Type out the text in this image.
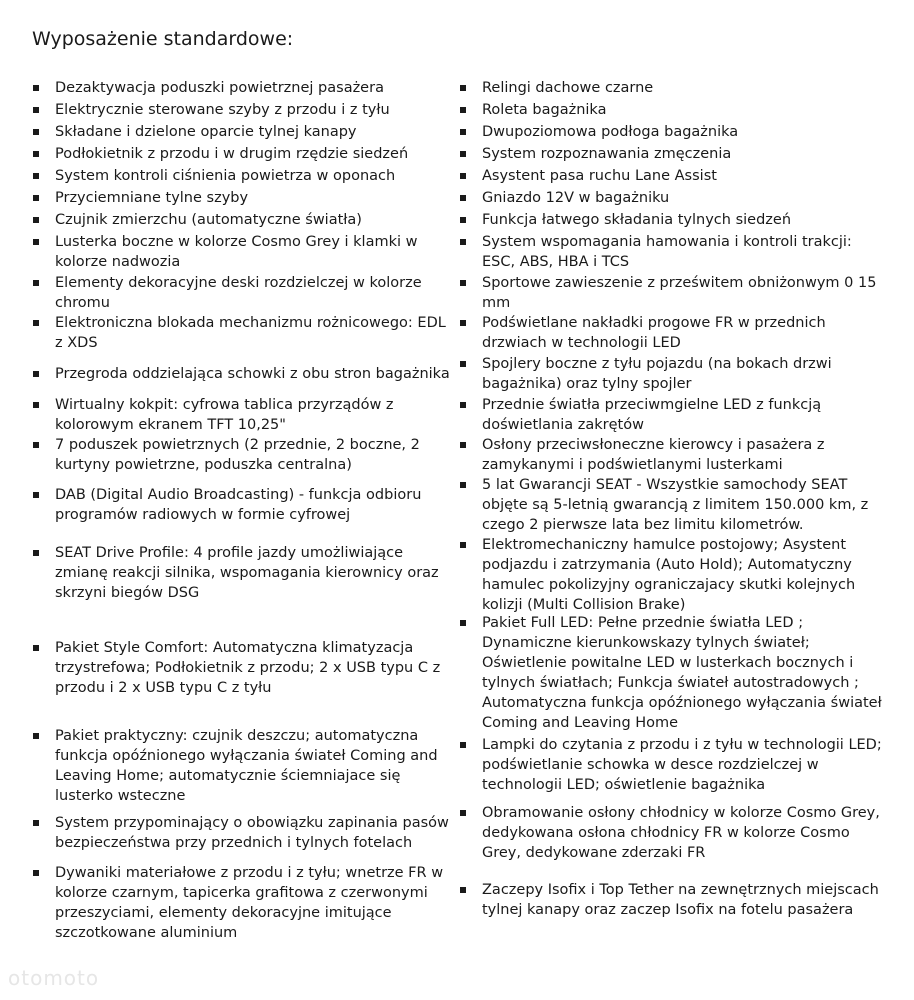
Wyposażenie standardowe:
Dezaktywacja poduszki powietrznej pasażera
Elektrycznie sterowane szyby z przodu i z tyłu
Składane i dzielone oparcie tylnej kanapy
Podłokietnik z przodu i w drugim rzędzie siedzeń
System kontroli ciśnienia powietrza w oponach
Przyciemniane tylne szyby
Czujnik zmierzchu (automatyczne światła)
Lusterka boczne w kolorze Cosmo Grey i klamki w kolorze nadwozia
Elementy dekoracyjne deski rozdzielczej w kolorze chromu
Elektroniczna blokada mechanizmu rożnicowego: EDL z XDS
Przegroda oddzielająca schowki z obu stron bagażnika
Wirtualny kokpit: cyfrowa tablica przyrządów z kolorowym ekranem TFT 10,25"
7 poduszek powietrznych (2 przednie, 2 boczne, 2 kurtyny powietrzne, poduszka centralna)
DAB (Digital Audio Broadcasting) - funkcja odbioru programów radiowych w formie cyfrowej
SEAT Drive Profile: 4 profile jazdy umożliwiające zmianę reakcji silnika, wspomagania kierownicy oraz skrzyni biegów DSG
Pakiet Style Comfort: Automatyczna klimatyzacja trzystrefowa; Podłokietnik z przodu; 2 x USB typu C z przodu i 2 x USB typu C z tyłu
Pakiet praktyczny: czujnik deszczu; automatyczna funkcja opóźnionego wyłączania świateł Coming and Leaving Home; automatycznie ściemniajace się lusterko wsteczne
System przypominający o obowiązku zapinania pasów bezpieczeństwa przy przednich i tylnych fotelach
Dywaniki materiałowe z przodu i z tyłu; wnetrze FR w kolorze czarnym, tapicerka grafitowa z czerwonymi przeszyciami, elementy dekoracyjne imitujące szczotkowane aluminium
Relingi dachowe czarne
Roleta bagażnika
Dwupoziomowa podłoga bagażnika
System rozpoznawania zmęczenia
Asystent pasa ruchu Lane Assist
Gniazdo 12V w bagażniku
Funkcja łatwego składania tylnych siedzeń
System wspomagania hamowania i kontroli trakcji: ESC, ABS, HBA i TCS
Sportowe zawieszenie z prześwitem obniżonwym 0 15 mm
Podświetlane nakładki progowe FR w przednich drzwiach w technologii LED
Spojlery boczne z tyłu pojazdu (na bokach drzwi bagażnika) oraz tylny spojler
Przednie światła przeciwmgielne LED z funkcją doświetlania zakrętów
Osłony przeciwsłoneczne kierowcy i pasażera z zamykanymi i podświetlanymi lusterkami
5 lat Gwarancji SEAT - Wszystkie samochody SEAT objęte są 5-letnią gwarancją z limitem 150.000 km, z czego 2 pierwsze lata bez limitu kilometrów.
Elektromechaniczny hamulce postojowy; Asystent podjazdu i zatrzymania (Auto Hold); Automatyczny hamulec pokolizyjny ograniczajacy skutki kolejnych kolizji (Multi Collision Brake)
Pakiet Full LED: Pełne przednie światła LED ; Dynamiczne kierunkowskazy tylnych świateł; Oświetlenie powitalne LED w lusterkach bocznych i tylnych światłach; Funkcja świateł autostradowych ; Automatyczna funkcja opóźnionego wyłączania świateł Coming and Leaving Home
Lampki do czytania z przodu i z tyłu w technologii LED; podświetlanie schowka w desce rozdzielczej w technologii LED; oświetlenie bagażnika
Obramowanie osłony chłodnicy w kolorze Cosmo Grey, dedykowana osłona chłodnicy FR w kolorze Cosmo Grey, dedykowane zderzaki FR
Zaczepy Isofix i Top Tether na zewnętrznych miejscach tylnej kanapy oraz zaczep Isofix na fotelu pasażera
otomoto
